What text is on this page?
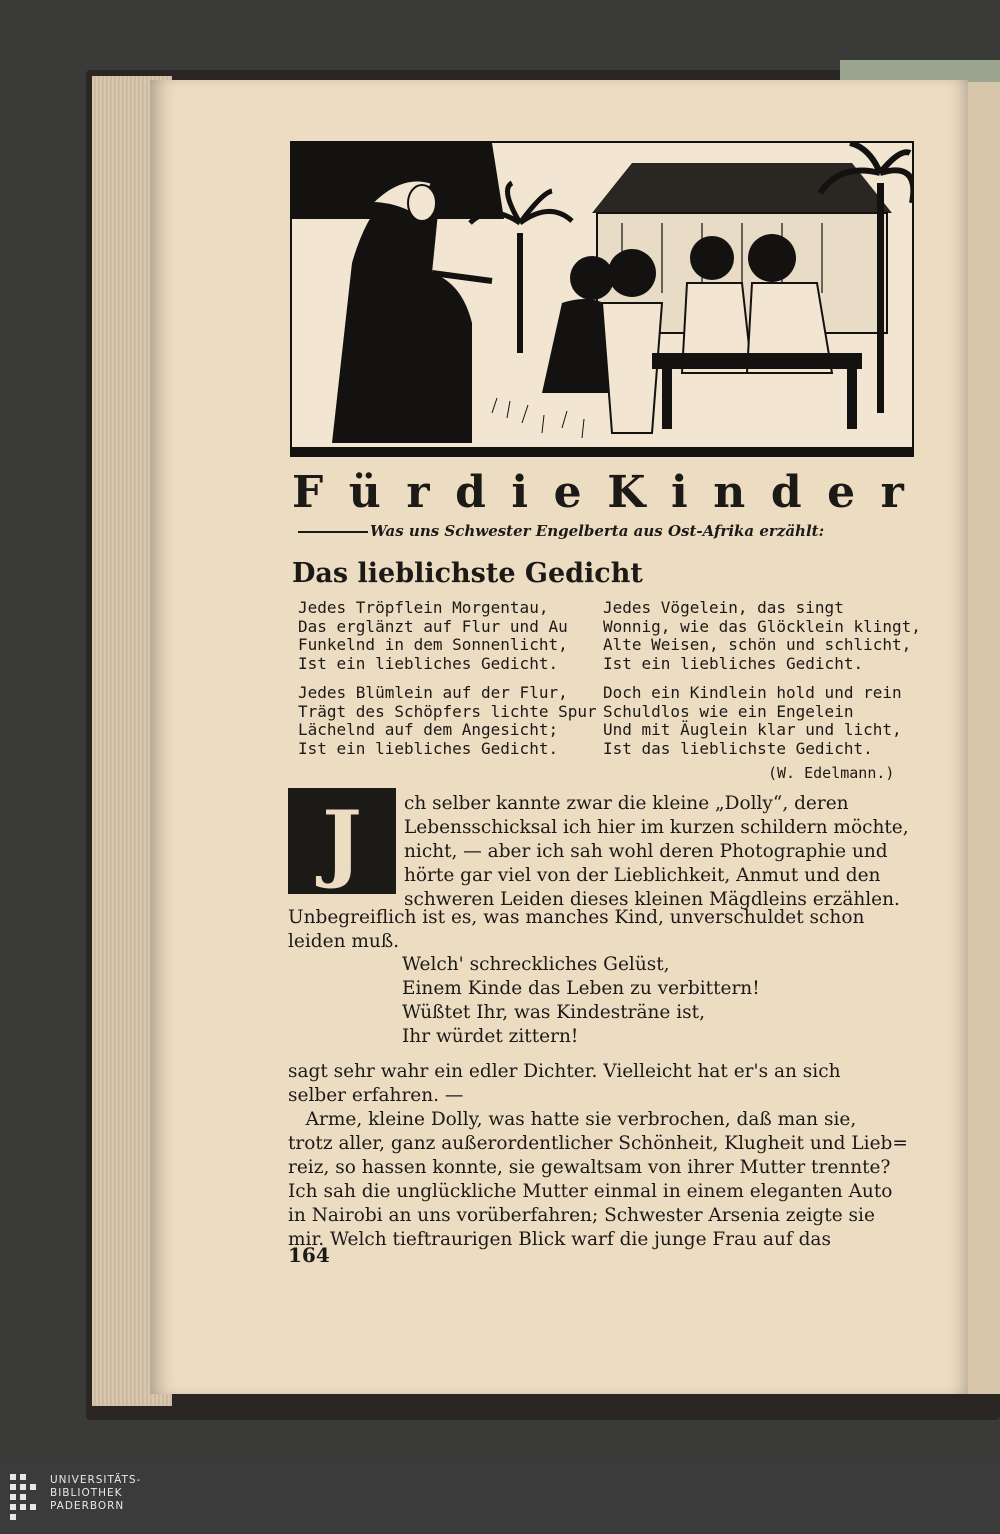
F ü r d i e K i n d e r
Was uns Schwester Engelberta aus Ost-Afrika erzählt:
Das lieblichste Gedicht
Jedes Tröpflein Morgentau,
Das erglänzt auf Flur und Au
Funkelnd in dem Sonnenlicht,
Ist ein liebliches Gedicht.
Jedes Vögelein, das singt
Wonnig, wie das Glöcklein klingt,
Alte Weisen, schön und schlicht,
Ist ein liebliches Gedicht.
Jedes Blümlein auf der Flur,
Trägt des Schöpfers lichte Spur
Lächelnd auf dem Angesicht;
Ist ein liebliches Gedicht.
Doch ein Kindlein hold und rein
Schuldlos wie ein Engelein
Und mit Äuglein klar und licht,
Ist das lieblichste Gedicht.
(W. Edelmann.)
J ch selber kannte zwar die kleine „Dolly“, deren
Lebensschicksal ich hier im kurzen schildern möchte,
nicht, — aber ich sah wohl deren Photographie und
hörte gar viel von der Lieblichkeit, Anmut und den
schweren Leiden dieses kleinen Mägdleins erzählen.
Unbegreiflich ist es, was manches Kind, unverschuldet schon
leiden muß.
Welch' schreckliches Gelüst,
Einem Kinde das Leben zu verbittern!
Wüßtet Ihr, was Kindesträne ist,
Ihr würdet zittern!
sagt sehr wahr ein edler Dichter. Vielleicht hat er's an sich
selber erfahren. —
Arme, kleine Dolly, was hatte sie verbrochen, daß man sie,
trotz aller, ganz außerordentlicher Schönheit, Klugheit und Lieb=
reiz, so hassen konnte, sie gewaltsam von ihrer Mutter trennte?
Ich sah die unglückliche Mutter einmal in einem eleganten Auto
in Nairobi an uns vorüberfahren; Schwester Arsenia zeigte sie
mir. Welch tieftraurigen Blick warf die junge Frau auf das
164
UNIVERSITÄTS-
BIBLIOTHEK
PADERBORN
